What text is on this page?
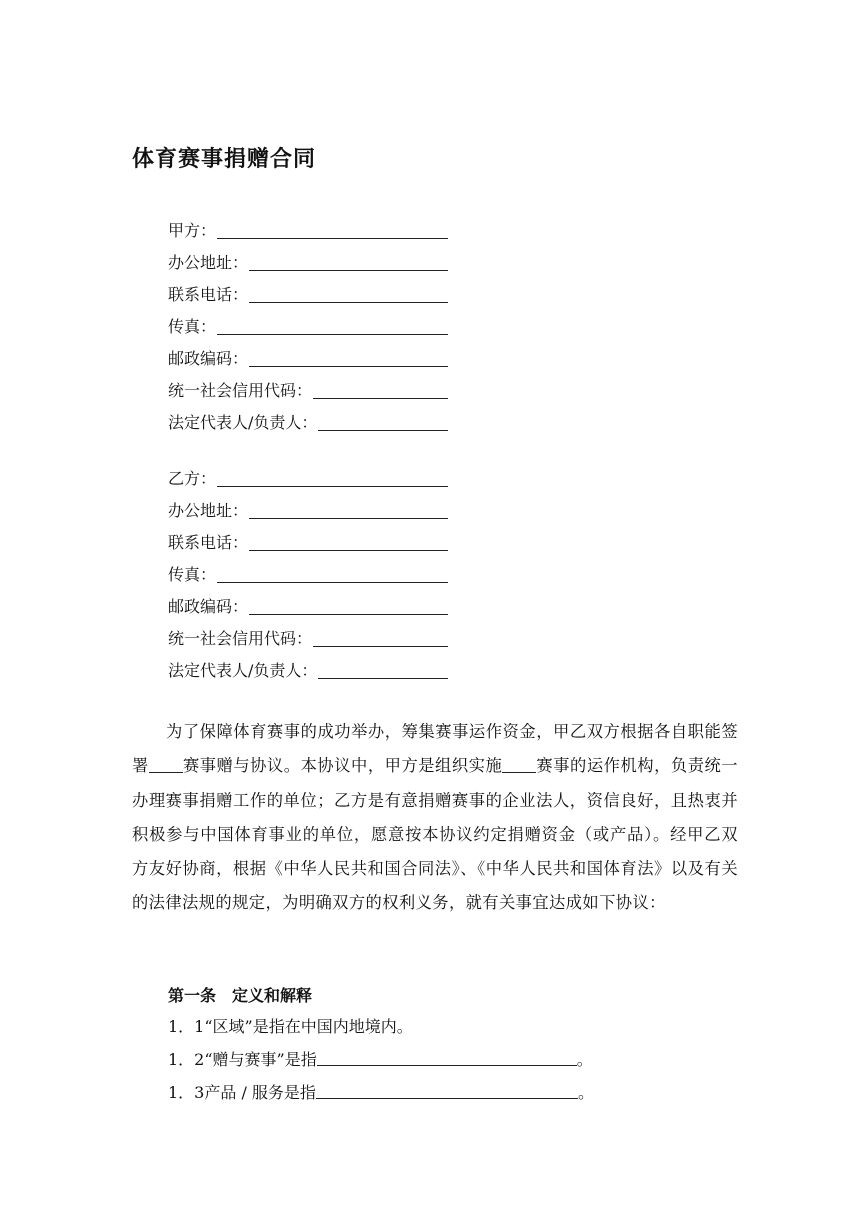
体育赛事捐赠合同
甲方：
办公地址：
联系电话：
传真：
邮政编码：
统一社会信用代码：
法定代表人/负责人：
乙方：
办公地址：
联系电话：
传真：
邮政编码：
统一社会信用代码：
法定代表人/负责人：
为了保障体育赛事的成功举办，筹集赛事运作资金，甲乙双方根据各自职能签署 赛事赠与协议。本协议中，甲方是组织实施 赛事的运作机构，负责统一办理赛事捐赠工作的单位；乙方是有意捐赠赛事的企业法人，资信良好，且热衷并积极参与中国体育事业的单位，愿意按本协议约定捐赠资金（或产品）。经甲乙双方友好协商，根据《中华人民共和国合同法》、《中华人民共和国体育法》以及有关的法律法规的规定，为明确双方的权利义务，就有关事宜达成如下协议：
第一条 定义和解释
1．1“区域”是指在中国内地境内。
1．2“赠与赛事”是指	。
1．3产品 / 服务是指	。
